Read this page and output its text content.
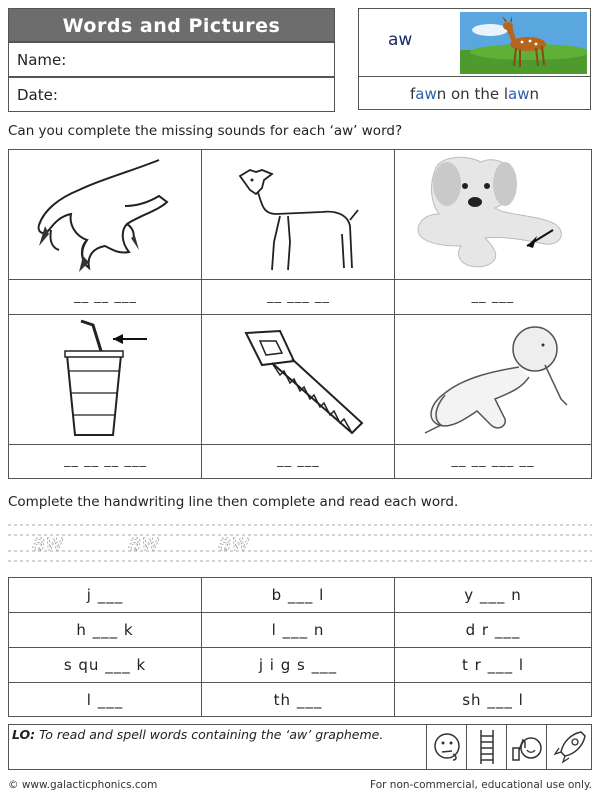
Words and Pictures
Name:
Date:
aw
fawn on the lawn
Can you complete the missing sounds for each ‘aw’ word?
__ __ ___	__ ___ __	__ ___
__ __ __ ___	__ ___	__ __ ___ __
Complete the handwriting line then complete and read each word.
aw	aw	aw
j ___	b ___ l	y ___ n
h ___ k	l ___ n	d r ___
s qu ___ k	j i g s ___	t r ___ l
l ___	th ___	sh ___ l
LO: To read and spell words containing the ‘aw’ grapheme.
© www.galacticphonics.com	For non-commercial, educational use only.
